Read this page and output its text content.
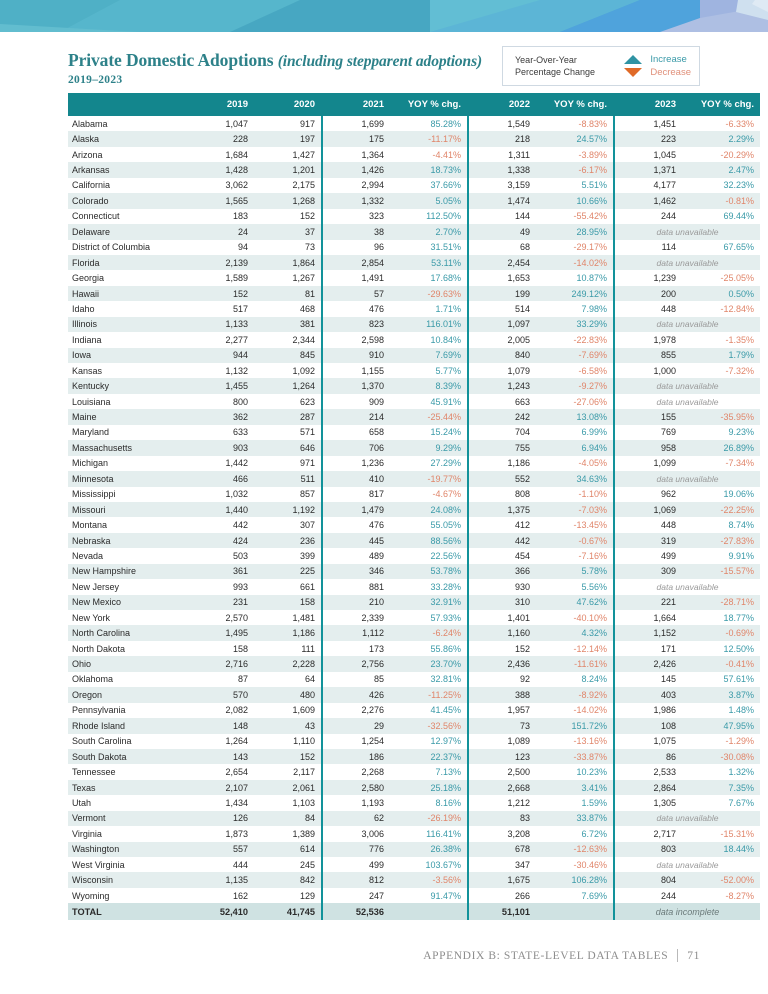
Private Domestic Adoptions (including stepparent adoptions)
2019–2023
Year-Over-Year
Percentage Change
Increase
Decrease
	2019	2020	2021	YOY % chg.	2022	YOY % chg.	2023	YOY % chg.
Alabama	1,047	917	1,699	85.28%	1,549	-8.83%	1,451	-6.33%
Alaska	228	197	175	-11.17%	218	24.57%	223	2.29%
Arizona	1,684	1,427	1,364	-4.41%	1,311	-3.89%	1,045	-20.29%
Arkansas	1,428	1,201	1,426	18.73%	1,338	-6.17%	1,371	2.47%
California	3,062	2,175	2,994	37.66%	3,159	5.51%	4,177	32.23%
Colorado	1,565	1,268	1,332	5.05%	1,474	10.66%	1,462	-0.81%
Connecticut	183	152	323	112.50%	144	-55.42%	244	69.44%
Delaware	24	37	38	2.70%	49	28.95%	data unavailable	
District of Columbia	94	73	96	31.51%	68	-29.17%	114	67.65%
Florida	2,139	1,864	2,854	53.11%	2,454	-14.02%	data unavailable	
Georgia	1,589	1,267	1,491	17.68%	1,653	10.87%	1,239	-25.05%
Hawaii	152	81	57	-29.63%	199	249.12%	200	0.50%
Idaho	517	468	476	1.71%	514	7.98%	448	-12.84%
Illinois	1,133	381	823	116.01%	1,097	33.29%	data unavailable	
Indiana	2,277	2,344	2,598	10.84%	2,005	-22.83%	1,978	-1.35%
Iowa	944	845	910	7.69%	840	-7.69%	855	1.79%
Kansas	1,132	1,092	1,155	5.77%	1,079	-6.58%	1,000	-7.32%
Kentucky	1,455	1,264	1,370	8.39%	1,243	-9.27%	data unavailable	
Louisiana	800	623	909	45.91%	663	-27.06%	data unavailable	
Maine	362	287	214	-25.44%	242	13.08%	155	-35.95%
Maryland	633	571	658	15.24%	704	6.99%	769	9.23%
Massachusetts	903	646	706	9.29%	755	6.94%	958	26.89%
Michigan	1,442	971	1,236	27.29%	1,186	-4.05%	1,099	-7.34%
Minnesota	466	511	410	-19.77%	552	34.63%	data unavailable	
Mississippi	1,032	857	817	-4.67%	808	-1.10%	962	19.06%
Missouri	1,440	1,192	1,479	24.08%	1,375	-7.03%	1,069	-22.25%
Montana	442	307	476	55.05%	412	-13.45%	448	8.74%
Nebraska	424	236	445	88.56%	442	-0.67%	319	-27.83%
Nevada	503	399	489	22.56%	454	-7.16%	499	9.91%
New Hampshire	361	225	346	53.78%	366	5.78%	309	-15.57%
New Jersey	993	661	881	33.28%	930	5.56%	data unavailable	
New Mexico	231	158	210	32.91%	310	47.62%	221	-28.71%
New York	2,570	1,481	2,339	57.93%	1,401	-40.10%	1,664	18.77%
North Carolina	1,495	1,186	1,112	-6.24%	1,160	4.32%	1,152	-0.69%
North Dakota	158	111	173	55.86%	152	-12.14%	171	12.50%
Ohio	2,716	2,228	2,756	23.70%	2,436	-11.61%	2,426	-0.41%
Oklahoma	87	64	85	32.81%	92	8.24%	145	57.61%
Oregon	570	480	426	-11.25%	388	-8.92%	403	3.87%
Pennsylvania	2,082	1,609	2,276	41.45%	1,957	-14.02%	1,986	1.48%
Rhode Island	148	43	29	-32.56%	73	151.72%	108	47.95%
South Carolina	1,264	1,110	1,254	12.97%	1,089	-13.16%	1,075	-1.29%
South Dakota	143	152	186	22.37%	123	-33.87%	86	-30.08%
Tennessee	2,654	2,117	2,268	7.13%	2,500	10.23%	2,533	1.32%
Texas	2,107	2,061	2,580	25.18%	2,668	3.41%	2,864	7.35%
Utah	1,434	1,103	1,193	8.16%	1,212	1.59%	1,305	7.67%
Vermont	126	84	62	-26.19%	83	33.87%	data unavailable	
Virginia	1,873	1,389	3,006	116.41%	3,208	6.72%	2,717	-15.31%
Washington	557	614	776	26.38%	678	-12.63%	803	18.44%
West Virginia	444	245	499	103.67%	347	-30.46%	data unavailable	
Wisconsin	1,135	842	812	-3.56%	1,675	106.28%	804	-52.00%
Wyoming	162	129	247	91.47%	266	7.69%	244	-8.27%
TOTAL	52,410	41,745	52,536		51,101		data incomplete	
APPENDIX B: STATE-LEVEL DATA TABLES 71
